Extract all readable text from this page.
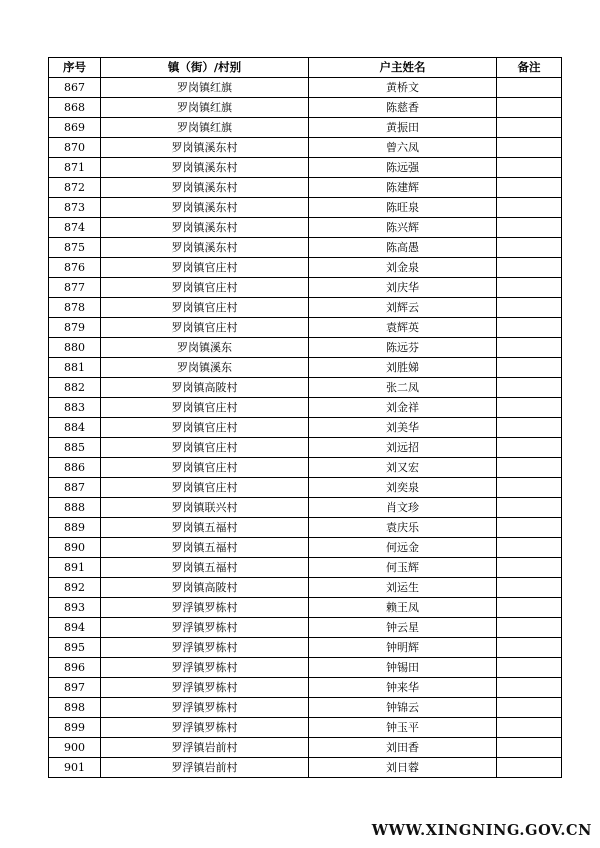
序号	镇（街）/村别	户主姓名	备注
867	罗岗镇红旗	黄桥文	
868	罗岗镇红旗	陈慈香	
869	罗岗镇红旗	黄振田	
870	罗岗镇溪东村	曾六凤	
871	罗岗镇溪东村	陈远强	
872	罗岗镇溪东村	陈建辉	
873	罗岗镇溪东村	陈旺泉	
874	罗岗镇溪东村	陈兴辉	
875	罗岗镇溪东村	陈高愚	
876	罗岗镇官庄村	刘金泉	
877	罗岗镇官庄村	刘庆华	
878	罗岗镇官庄村	刘辉云	
879	罗岗镇官庄村	袁辉英	
880	罗岗镇溪东	陈远芬	
881	罗岗镇溪东	刘胜娣	
882	罗岗镇高陂村	张二凤	
883	罗岗镇官庄村	刘金祥	
884	罗岗镇官庄村	刘美华	
885	罗岗镇官庄村	刘远招	
886	罗岗镇官庄村	刘又宏	
887	罗岗镇官庄村	刘奕泉	
888	罗岗镇联兴村	肖文珍	
889	罗岗镇五福村	袁庆乐	
890	罗岗镇五福村	何远金	
891	罗岗镇五福村	何玉辉	
892	罗岗镇高陂村	刘运生	
893	罗浮镇罗栋村	赖王凤	
894	罗浮镇罗栋村	钟云星	
895	罗浮镇罗栋村	钟明辉	
896	罗浮镇罗栋村	钟锡田	
897	罗浮镇罗栋村	钟来华	
898	罗浮镇罗栋村	钟锦云	
899	罗浮镇罗栋村	钟玉平	
900	罗浮镇岩前村	刘田香	
901	罗浮镇岩前村	刘日蓉	
WWW.XINGNING.GOV.CN
